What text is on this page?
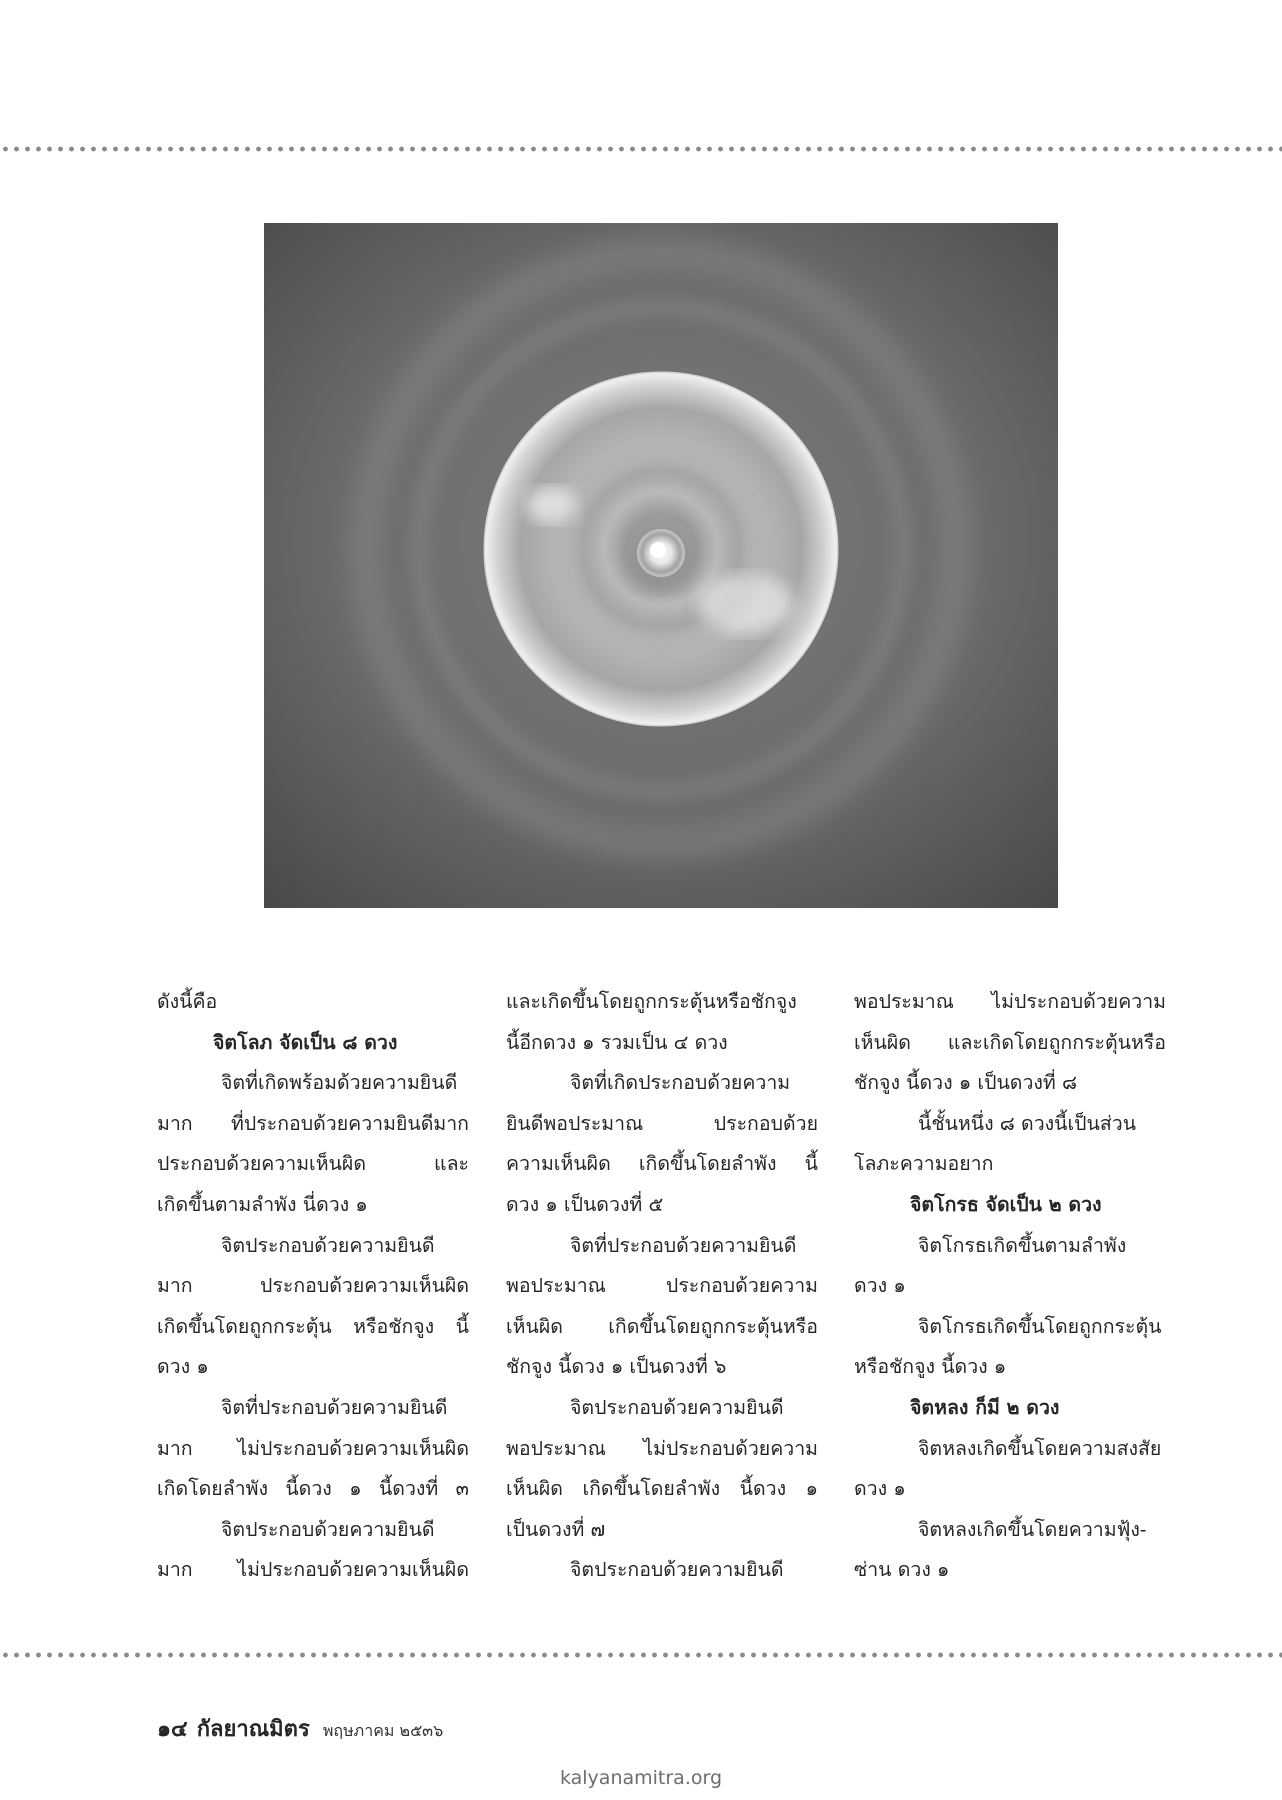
ดังนี้คือ
จิตโลภ จัดเป็น ๘ ดวง
จิตที่เกิดพร้อมด้วยความยินดี
มาก ที่ประกอบด้วยความยินดีมาก
ประกอบด้วยความเห็นผิด และ
เกิดขึ้นตามลำพัง นี่ดวง ๑
จิตประกอบด้วยความยินดี
มาก ประกอบด้วยความเห็นผิด
เกิดขึ้นโดยถูกกระตุ้น หรือชักจูง นี้
ดวง ๑
จิตที่ประกอบด้วยความยินดี
มาก ไม่ประกอบด้วยความเห็นผิด
เกิดโดยลำพัง นี้ดวง ๑ นี้ดวงที่ ๓
จิตประกอบด้วยความยินดี
มาก ไม่ประกอบด้วยความเห็นผิด
และเกิดขึ้นโดยถูกกระตุ้นหรือชักจูง
นี้อีกดวง ๑ รวมเป็น ๔ ดวง
จิตที่เกิดประกอบด้วยความ
ยินดีพอประมาณ ประกอบด้วย
ความเห็นผิด เกิดขึ้นโดยลำพัง นี้
ดวง ๑ เป็นดวงที่ ๕
จิตที่ประกอบด้วยความยินดี
พอประมาณ ประกอบด้วยความ
เห็นผิด เกิดขึ้นโดยถูกกระตุ้นหรือ
ชักจูง นี้ดวง ๑ เป็นดวงที่ ๖
จิตประกอบด้วยความยินดี
พอประมาณ ไม่ประกอบด้วยความ
เห็นผิด เกิดขึ้นโดยลำพัง นี้ดวง ๑
เป็นดวงที่ ๗
จิตประกอบด้วยความยินดี
พอประมาณ ไม่ประกอบด้วยความ
เห็นผิด และเกิดโดยถูกกระตุ้นหรือ
ชักจูง นี้ดวง ๑ เป็นดวงที่ ๘
นี้ชั้นหนึ่ง ๘ ดวงนี้เป็นส่วน
โลภะความอยาก
จิตโกรธ จัดเป็น ๒ ดวง
จิตโกรธเกิดขึ้นตามลำพัง
ดวง ๑
จิตโกรธเกิดขึ้นโดยถูกกระตุ้น
หรือชักจูง นี้ดวง ๑
จิตหลง ก็มี ๒ ดวง
จิตหลงเกิดขึ้นโดยความสงสัย
ดวง ๑
จิตหลงเกิดขึ้นโดยความฟุ้ง-
ซ่าน ดวง ๑
๑๔ กัลยาณมิตร พฤษภาคม ๒๕๓๖
kalyanamitra.org
